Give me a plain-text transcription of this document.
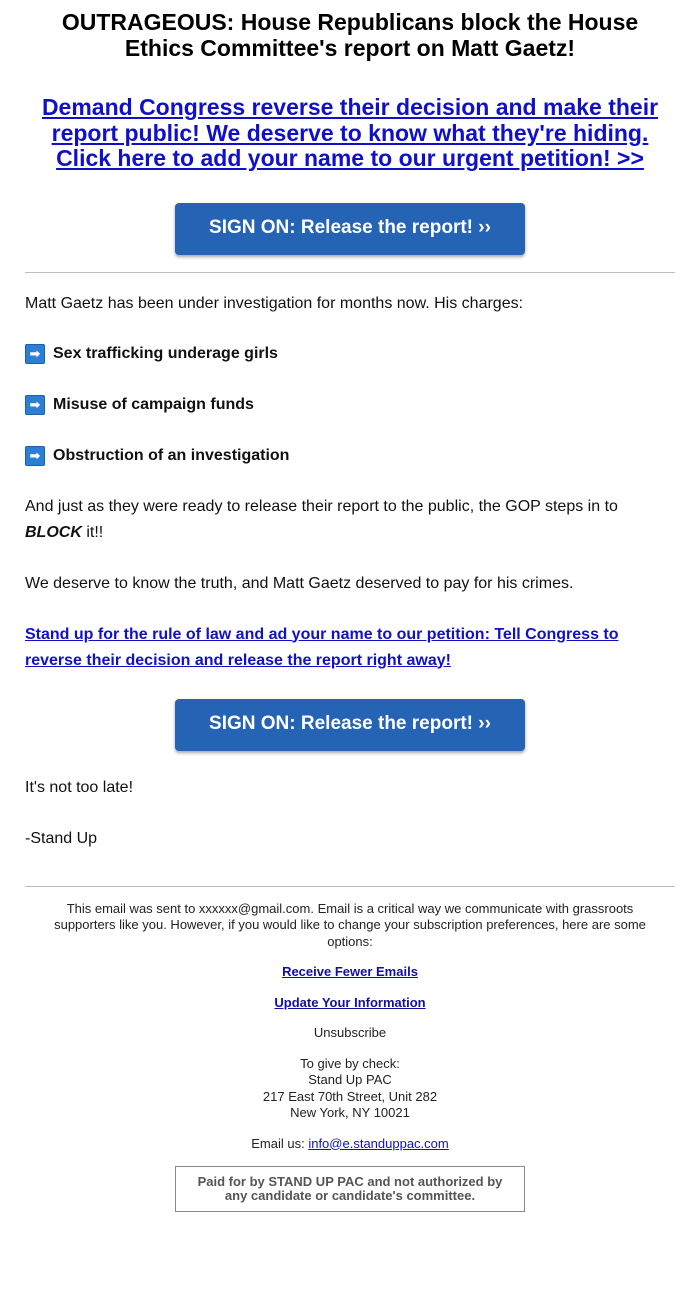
OUTRAGEOUS: House Republicans block the House Ethics Committee's report on Matt Gaetz!
Demand Congress reverse their decision and make their report public! We deserve to know what they're hiding. Click here to add your name to our urgent petition! >>
SIGN ON: Release the report! ››

Matt Gaetz has been under investigation for months now. His charges:

➡ Sex trafficking underage girls
➡ Misuse of campaign funds
➡ Obstruction of an investigation

And just as they were ready to release their report to the public, the GOP steps in to BLOCK it!!

We deserve to know the truth, and Matt Gaetz deserved to pay for his crimes.

Stand up for the rule of law and ad your name to our petition: Tell Congress to reverse their decision and release the report right away!
SIGN ON: Release the report! ››

It's not too late!

-Stand Up

This email was sent to xxxxxx@gmail.com. Email is a critical way we communicate with grassroots supporters like you. However, if you would like to change your subscription preferences, here are some options:

Receive Fewer Emails
Update Your Information

Unsubscribe

To give by check:

Stand Up PAC

217 East 70th Street, Unit 282

New York, NY 10021

Email us: info@e.standuppac.com

Paid for by STAND UP PAC and not authorized by any candidate or candidate's committee.
